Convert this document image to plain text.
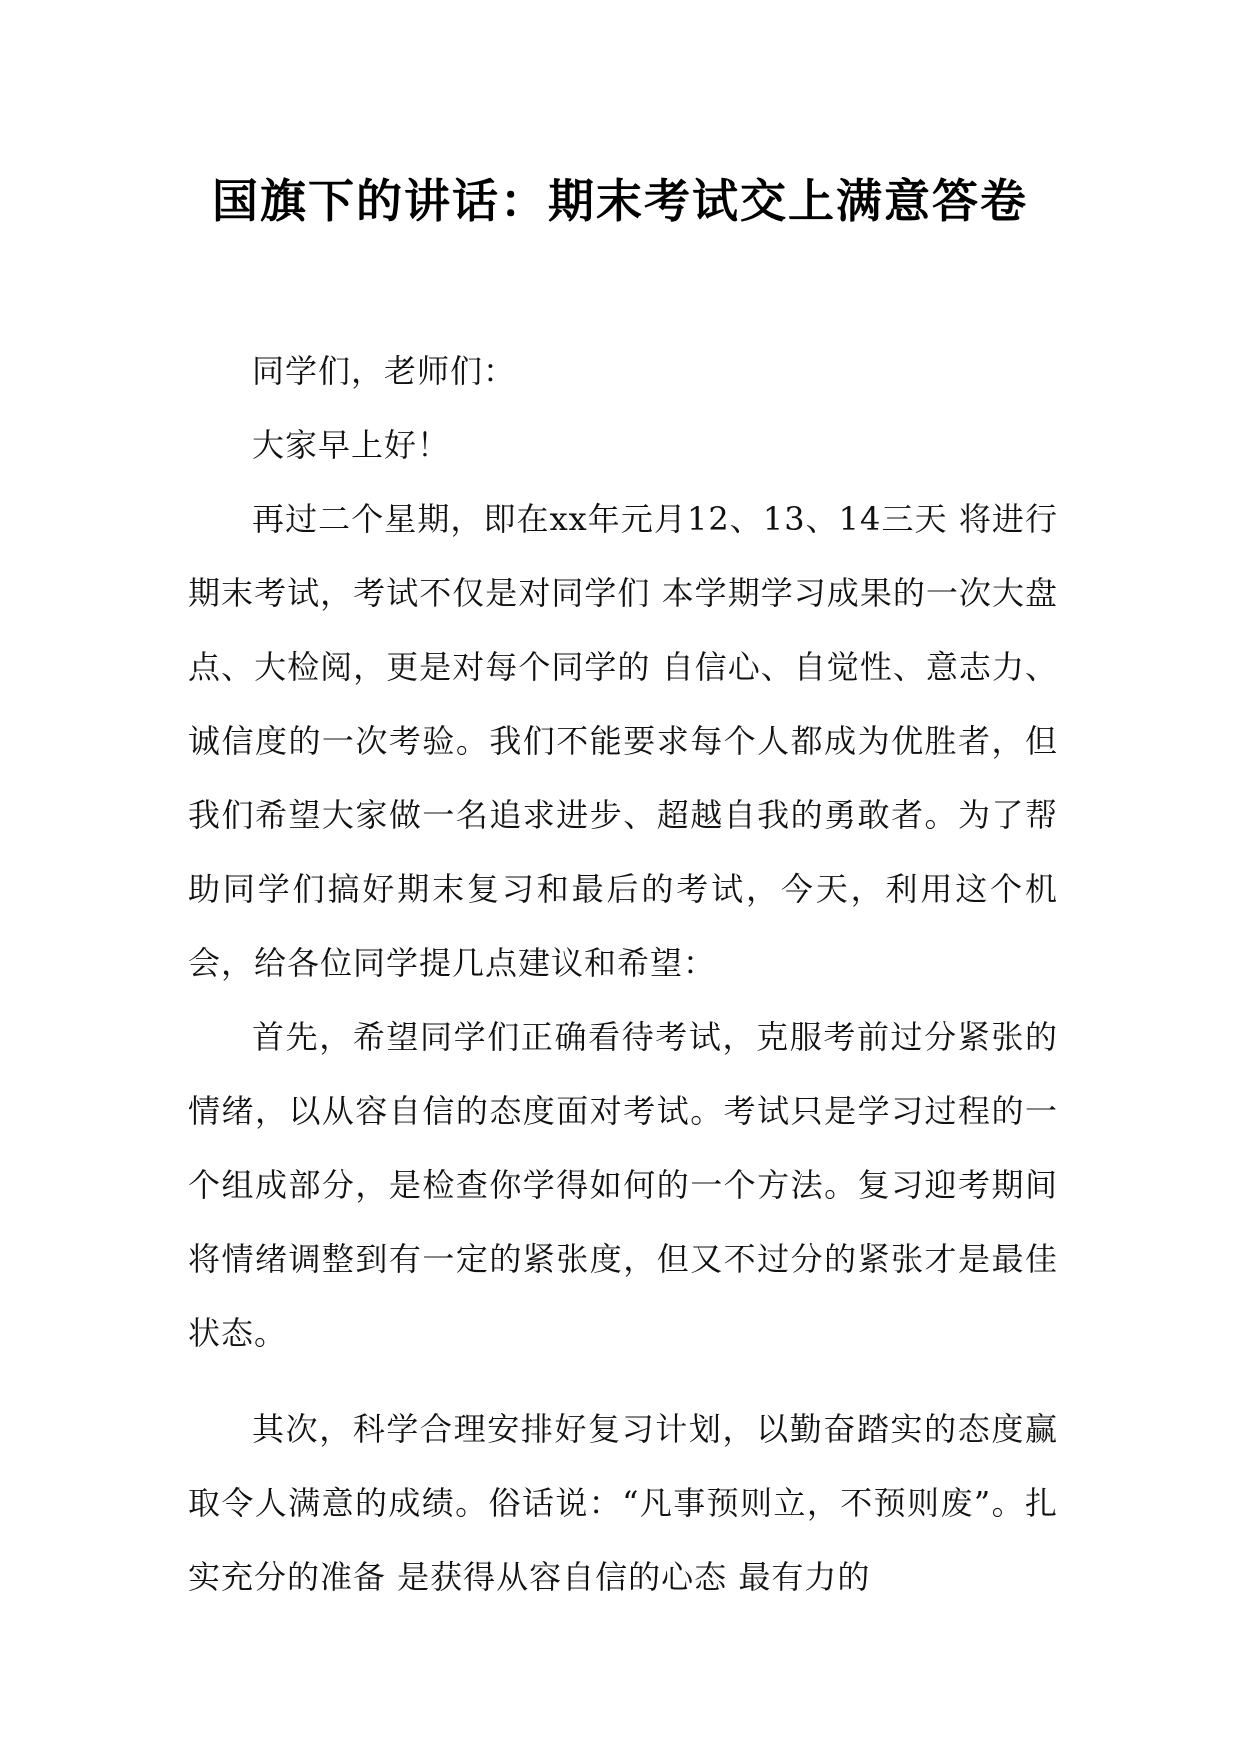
国旗下的讲话：期末考试交上满意答卷

同学们，老师们：

大家早上好！

再过二个星期，即在xx年元月12、13、14三天 将进行期末考试，考试不仅是对同学们 本学期学习成果的一次大盘点、大检阅，更是对每个同学的 自信心、自觉性、意志力、诚信度的一次考验。我们不能要求每个人都成为优胜者，但我们希望大家做一名追求进步、超越自我的勇敢者。为了帮助同学们搞好期末复习和最后的考试，今天，利用这个机会，给各位同学提几点建议和希望：

首先，希望同学们正确看待考试，克服考前过分紧张的情绪，以从容自信的态度面对考试。考试只是学习过程的一个组成部分，是检查你学得如何的一个方法。复习迎考期间将情绪调整到有一定的紧张度，但又不过分的紧张才是最佳状态。

其次，科学合理安排好复习计划，以勤奋踏实的态度赢取令人满意的成绩。俗话说：“凡事预则立，不预则废”。扎实充分的准备 是获得从容自信的心态 最有力的
